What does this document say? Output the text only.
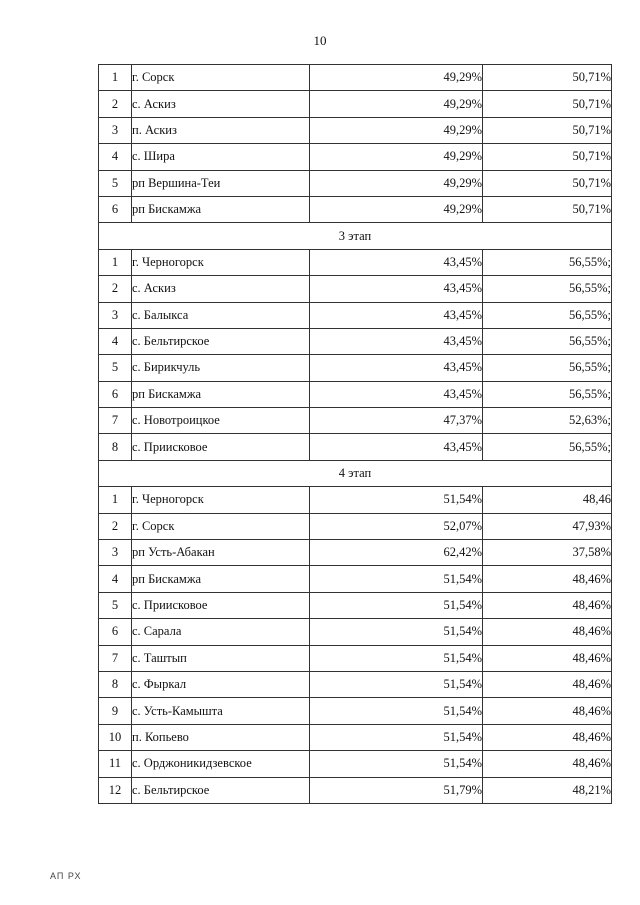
10
1	г. Сорск	49,29%	50,71%
2	с. Аскиз	49,29%	50,71%
3	п. Аскиз	49,29%	50,71%
4	с. Шира	49,29%	50,71%
5	рп Вершина-Теи	49,29%	50,71%
6	рп Бискамжа	49,29%	50,71%
3 этап			
1	г. Черногорск	43,45%	56,55%;
2	с. Аскиз	43,45%	56,55%;
3	с. Балыкса	43,45%	56,55%;
4	с. Бельтирское	43,45%	56,55%;
5	с. Бирикчуль	43,45%	56,55%;
6	рп Бискамжа	43,45%	56,55%;
7	с. Новотроицкое	47,37%	52,63%;
8	с. Приисковое	43,45%	56,55%;
4 этап			
1	г. Черногорск	51,54%	48,46
2	г. Сорск	52,07%	47,93%
3	рп Усть-Абакан	62,42%	37,58%
4	рп Бискамжа	51,54%	48,46%
5	с. Приисковое	51,54%	48,46%
6	с. Сарала	51,54%	48,46%
7	с. Таштып	51,54%	48,46%
8	с. Фыркал	51,54%	48,46%
9	с. Усть-Камышта	51,54%	48,46%
10	п. Копьево	51,54%	48,46%
11	с. Орджоникидзевское	51,54%	48,46%
12	с. Бельтирское	51,79%	48,21%
АП РХ
